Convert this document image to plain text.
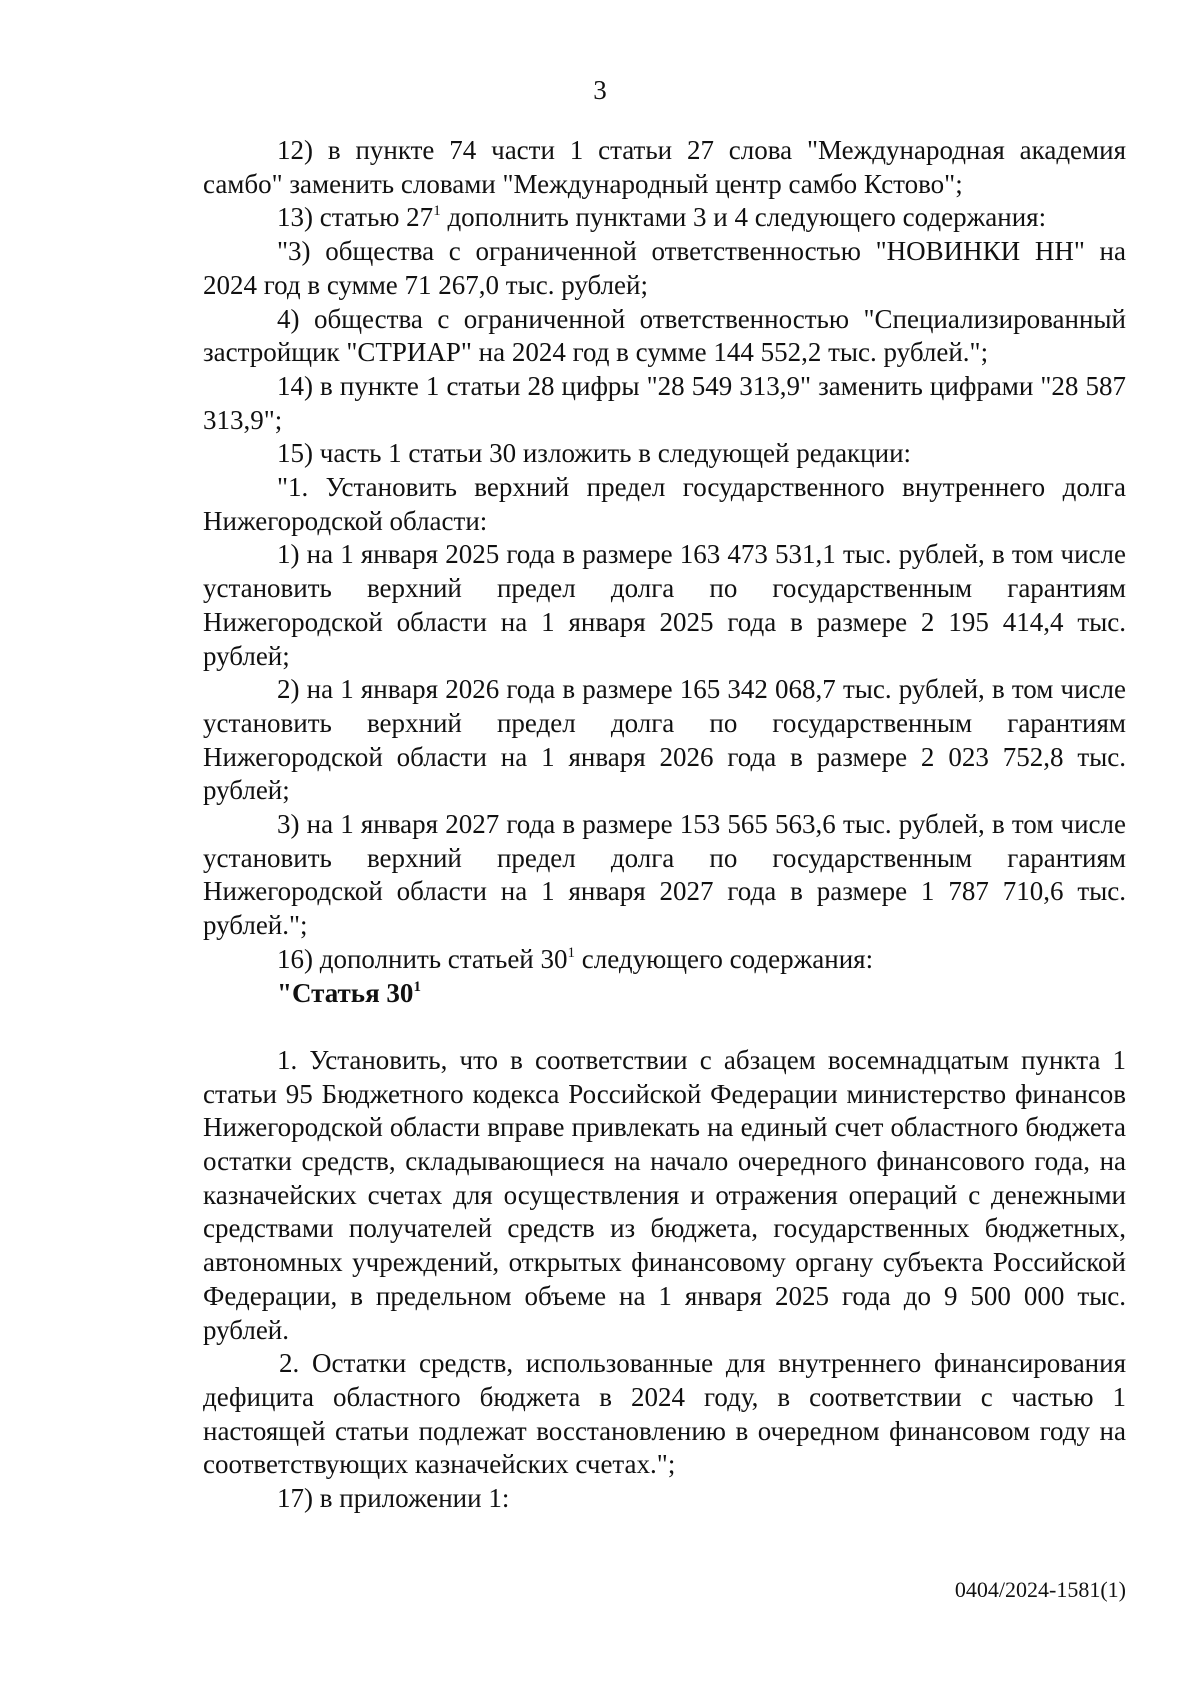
3

12) в пункте 74 части 1 статьи 27 слова "Международная академия самбо" заменить словами "Международный центр самбо Кстово";

13) статью $27^1$ дополнить пунктами 3 и 4 следующего содержания:

"3) общества с ограниченной ответственностью "НОВИНКИ НН" на 2024 год в сумме 71 267,0 тыс. рублей;

4) общества с ограниченной ответственностью "Специализированный застройщик "СТРИАР" на 2024 год в сумме 144 552,2 тыс. рублей.";

14) в пункте 1 статьи 28 цифры "28 549 313,9" заменить цифрами "28 587 313,9";

15) часть 1 статьи 30 изложить в следующей редакции:

"1. Установить верхний предел государственного внутреннего долга Нижегородской области:

1) на 1 января 2025 года в размере 163 473 531,1 тыс. рублей, в том числе установить верхний предел долга по государственным гарантиям Нижегородской области на 1 января 2025 года в размере 2 195 414,4 тыс. рублей;

2) на 1 января 2026 года в размере 165 342 068,7 тыс. рублей, в том числе установить верхний предел долга по государственным гарантиям Нижегородской области на 1 января 2026 года в размере 2 023 752,8 тыс. рублей;

3) на 1 января 2027 года в размере 153 565 563,6 тыс. рублей, в том числе установить верхний предел долга по государственным гарантиям Нижегородской области на 1 января 2027 года в размере 1 787 710,6 тыс. рублей.";

16) дополнить статьей $30^1$ следующего содержания:

"Статья $30^1$

1. Установить, что в соответствии с абзацем восемнадцатым пункта 1 статьи 95 Бюджетного кодекса Российской Федерации министерство финансов Нижегородской области вправе привлекать на единый счет областного бюджета остатки средств, складывающиеся на начало очередного финансового года, на казначейских счетах для осуществления и отражения операций с денежными средствами получателей средств из бюджета, государственных бюджетных, автономных учреждений, открытых финансовому органу субъекта Российской Федерации, в предельном объеме на 1 января 2025 года до 9 500 000 тыс. рублей.

2. Остатки средств, использованные для внутреннего финансирования дефицита областного бюджета в 2024 году, в соответствии с частью 1 настоящей статьи подлежат восстановлению в очередном финансовом году на соответствующих казначейских счетах.";

17) в приложении 1:

0404/2024-1581(1)
